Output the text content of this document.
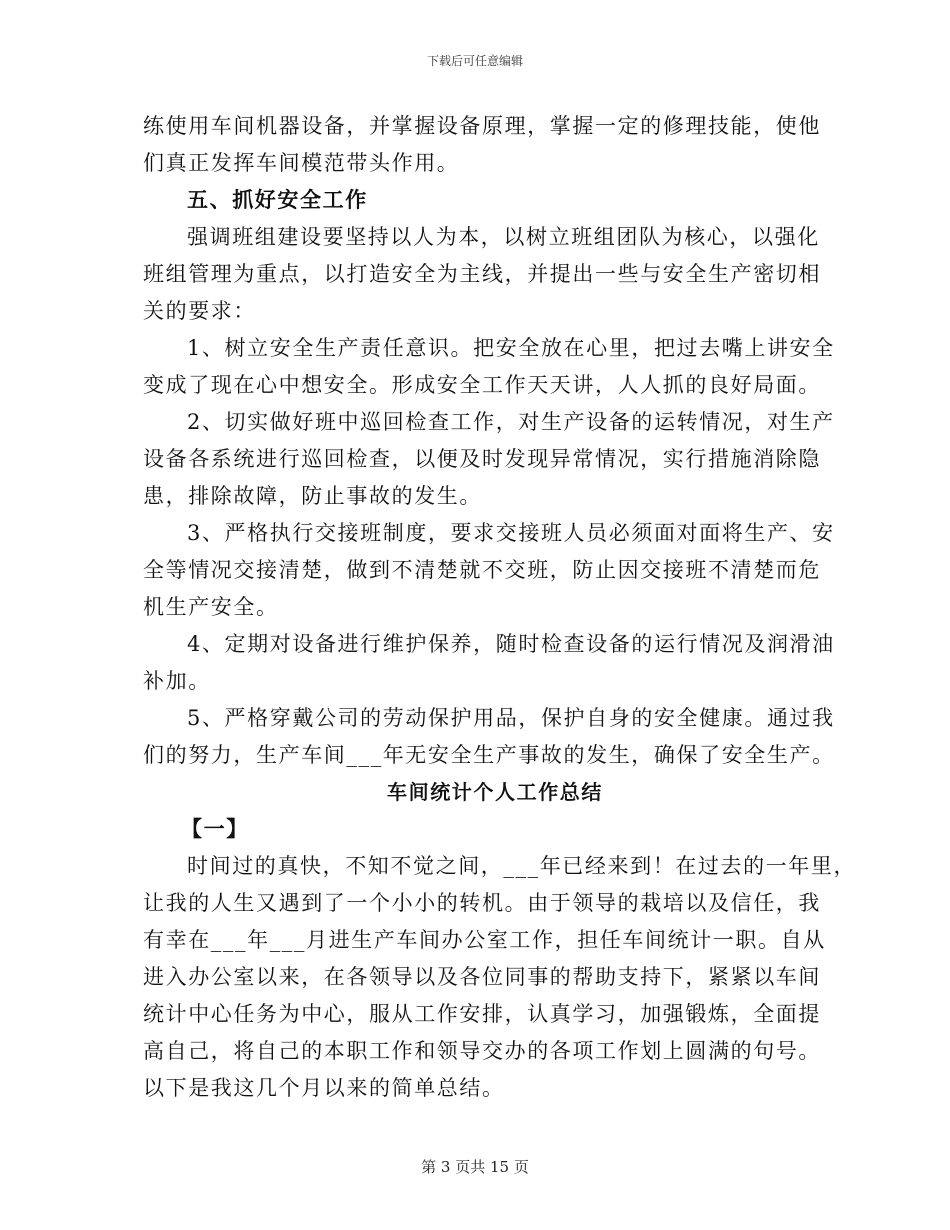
下载后可任意编辑
练使用车间机器设备，并掌握设备原理，掌握一定的修理技能，使他
们真正发挥车间模范带头作用。
五、抓好安全工作
强调班组建设要坚持以人为本，以树立班组团队为核心，以强化
班组管理为重点，以打造安全为主线，并提出一些与安全生产密切相
关的要求：
1、树立安全生产责任意识。把安全放在心里，把过去嘴上讲安全
变成了现在心中想安全。形成安全工作天天讲，人人抓的良好局面。
2、切实做好班中巡回检查工作，对生产设备的运转情况，对生产
设备各系统进行巡回检查，以便及时发现异常情况，实行措施消除隐
患，排除故障，防止事故的发生。
3、严格执行交接班制度，要求交接班人员必须面对面将生产、安
全等情况交接清楚，做到不清楚就不交班，防止因交接班不清楚而危
机生产安全。
4、定期对设备进行维护保养，随时检查设备的运行情况及润滑油
补加。
5、严格穿戴公司的劳动保护用品，保护自身的安全健康。通过我
们的努力，生产车间___年无安全生产事故的发生，确保了安全生产。
车间统计个人工作总结
【一】
时间过的真快，不知不觉之间，___年已经来到！在过去的一年里，
让我的人生又遇到了一个小小的转机。由于领导的栽培以及信任，我
有幸在___年___月进生产车间办公室工作，担任车间统计一职。自从
进入办公室以来，在各领导以及各位同事的帮助支持下，紧紧以车间
统计中心任务为中心，服从工作安排，认真学习，加强锻炼，全面提
高自己，将自己的本职工作和领导交办的各项工作划上圆满的句号。
以下是我这几个月以来的简单总结。
第 3 页共 15 页
